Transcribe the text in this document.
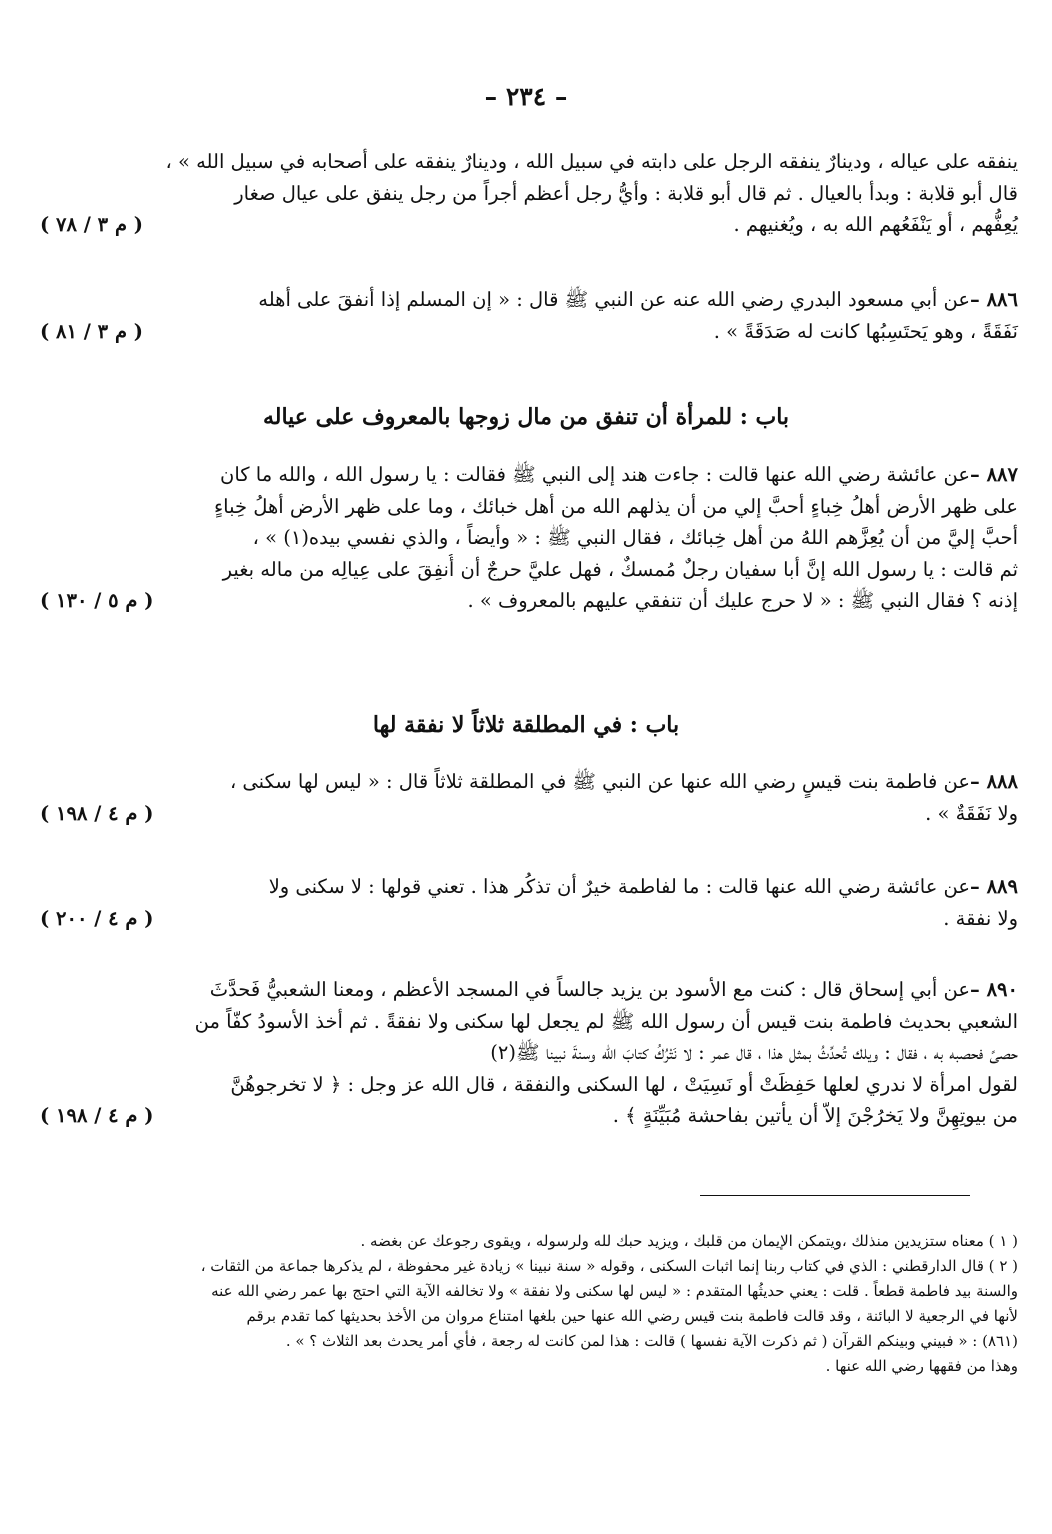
– ٢٣٤ –
ينفقه على عياله ، ودينارٌ ينفقه الرجل على دابته في سبيل الله ، ودينارٌ ينفقه على أصحابه في سبيل الله » ،
قال أبو قلابة : وبدأ بالعيال . ثم قال أبو قلابة : وأيُّ رجل أعظم أجراً من رجل ينفق على عيال صغار
يُعِفُّهم ، أو يَنْفَعُهم الله به ، ويُغنيهم .
( م ٣ / ٧٨ )
٨٨٦ –عن أبي مسعود البدري رضي الله عنه عن النبي ﷺ قال : « إن المسلم إذا أنفقَ على أهله
نَفَقَةً ، وهو يَحتَسِبُها كانت له صَدَقَةً » .
( م ٣ / ٨١ )
باب : للمرأة أن تنفق من مال زوجها بالمعروف على عياله
٨٨٧ –عن عائشة رضي الله عنها قالت : جاءت هند إلى النبي ﷺ فقالت : يا رسول الله ، والله ما كان
على ظهر الأرض أهلُ خِباءٍ أحبَّ إلي من أن يذلهم الله من أهل خبائك ، وما على ظهر الأرض أهلُ خِباءٍ
أحبَّ إليَّ من أن يُعِزَّهم اللهُ من أهل خِبائك ، فقال النبي ﷺ : « وأيضاً ، والذي نفسي بيده(١) » ،
ثم قالت : يا رسول الله إنَّ أبا سفيان رجلٌ مُمسكٌ ، فهل عليَّ حرجٌ أن أُنفِقَ على عِيالِه من ماله بغير
إذنه ؟ فقال النبي ﷺ : « لا حرج عليك أن تنفقي عليهم بالمعروف » .
( م ٥ / ١٣٠ )
باب : في المطلقة ثلاثاً لا نفقة لها
٨٨٨ –عن فاطمة بنت قيسٍ رضي الله عنها عن النبي ﷺ في المطلقة ثلاثاً قال : « ليس لها سكنى ،
ولا نَفَقَةٌ » .
( م ٤ / ١٩٨ )
٨٨٩ –عن عائشة رضي الله عنها قالت : ما لفاطمة خيرٌ أن تذكُر هذا . تعني قولها : لا سكنى ولا
ولا نفقة .
( م ٤ / ٢٠٠ )
٨٩٠ –عن أبي إسحاق قال : كنت مع الأسود بن يزيد جالساً في المسجد الأعظم ، ومعنا الشعبيُّ فَحدَّثَ
الشعبي بحديث فاطمة بنت قيس أن رسول الله ﷺ لم يجعل لها سكنى ولا نفقةً . ثم أخذ الأسودُ كفّاً من
حصىً فحصبه به ، فقال : ويلك تُحدِّثُ بمثل هذا ، قال عمر : لا نَتْرُكُ كتابَ الله وسنةَ نبينا ﷺ(٢)
لقول امرأة لا ندري لعلها حَفِظَتْ أو نَسِيَتْ ، لها السكنى والنفقة ، قال الله عز وجل : ﴿ لا تخرجوهُنَّ
من بيوتِهِنَّ ولا يَخرُجْنَ إلاّ أن يأتين بفاحشة مُبَيِّنَةٍ ﴾ .
( م ٤ / ١٩٨ )
( ١ ) معناه ستزيدين منذلك ،ويتمكن الإيمان من قلبك ، ويزيد حبك لله ولرسوله ، ويقوى رجوعك عن بغضه .
( ٢ ) قال الدارقطني : الذي في كتاب ربنا إنما اثبات السكنى ، وقوله « سنة نبينا » زيادة غير محفوظة ، لم يذكرها جماعة من الثقات ،
والسنة بيد فاطمة قطعاً . قلت : يعني حديثُها المتقدم : « ليس لها سكنى ولا نفقة » ولا تخالفه الآية التي احتج بها عمر رضي الله عنه
لأنها في الرجعية لا البائنة ، وقد قالت فاطمة بنت قيس رضي الله عنها حين بلغها امتناع مروان من الأخذ بحديثها كما تقدم برقم
(٨٦١) : « فبيني وبينكم القرآن ( ثم ذكرت الآية نفسها ) قالت : هذا لمن كانت له رجعة ، فأي أمر يحدث بعد الثلاث ؟ » .
وهذا من فقهها رضي الله عنها .
